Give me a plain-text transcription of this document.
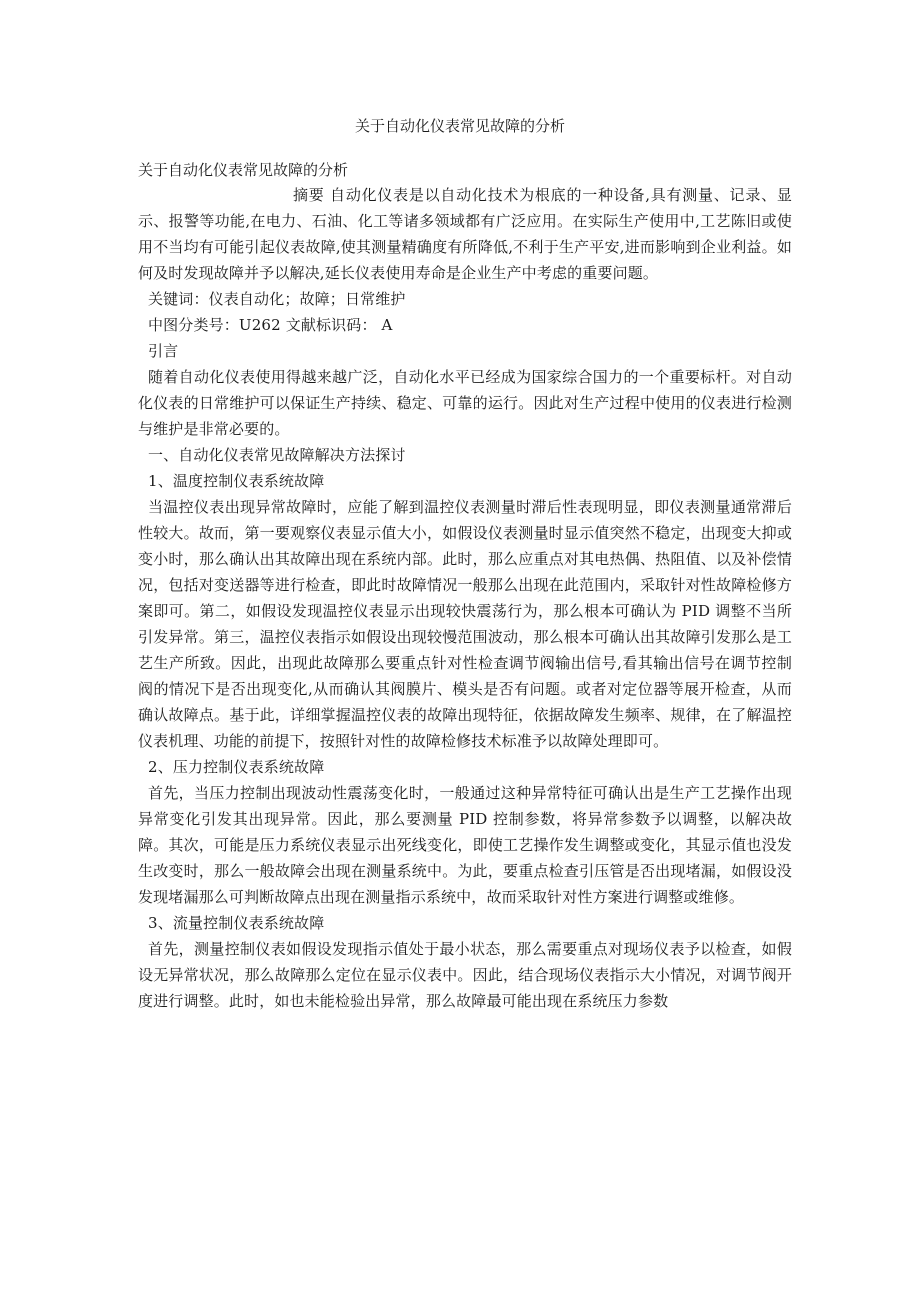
关于自动化仪表常见故障的分析
关于自动化仪表常见故障的分析

摘要 自动化仪表是以自动化技术为根底的一种设备,具有测量、记录、显示、报警等功能,在电力、石油、化工等诸多领域都有广泛应用。在实际生产使用中,工艺陈旧或使用不当均有可能引起仪表故障,使其测量精确度有所降低,不利于生产平安,进而影响到企业利益。如何及时发现故障并予以解决,延长仪表使用寿命是企业生产中考虑的重要问题。

关键词：仪表自动化；故障；日常维护

中图分类号：U262 文献标识码： A

引言

随着自动化仪表使用得越来越广泛，自动化水平已经成为国家综合国力的一个重要标杆。对自动化仪表的日常维护可以保证生产持续、稳定、可靠的运行。因此对生产过程中使用的仪表进行检测与维护是非常必要的。

一、自动化仪表常见故障解决方法探讨

1、温度控制仪表系统故障

当温控仪表出现异常故障时，应能了解到温控仪表测量时滞后性表现明显，即仪表测量通常滞后性较大。故而，第一要观察仪表显示值大小，如假设仪表测量时显示值突然不稳定，出现变大抑或变小时，那么确认出其故障出现在系统内部。此时，那么应重点对其电热偶、热阻值、以及补偿情况，包括对变送器等进行检查，即此时故障情况一般那么出现在此范围内，采取针对性故障检修方案即可。第二，如假设发现温控仪表显示出现较快震荡行为，那么根本可确认为 PID 调整不当所引发异常。第三，温控仪表指示如假设出现较慢范围波动，那么根本可确认出其故障引发那么是工艺生产所致。因此，出现此故障那么要重点针对性检查调节阀输出信号,看其输出信号在调节控制阀的情况下是否出现变化,从而确认其阀膜片、模头是否有问题。或者对定位器等展开检查，从而确认故障点。基于此，详细掌握温控仪表的故障出现特征，依据故障发生频率、规律，在了解温控仪表机理、功能的前提下，按照针对性的故障检修技术标准予以故障处理即可。

2、压力控制仪表系统故障

首先，当压力控制出现波动性震荡变化时，一般通过这种异常特征可确认出是生产工艺操作出现异常变化引发其出现异常。因此，那么要测量 PID 控制参数，将异常参数予以调整，以解决故障。其次，可能是压力系统仪表显示出死线变化，即使工艺操作发生调整或变化，其显示值也没发生改变时，那么一般故障会出现在测量系统中。为此，要重点检查引压管是否出现堵漏，如假设没发现堵漏那么可判断故障点出现在测量指示系统中，故而采取针对性方案进行调整或维修。

3、流量控制仪表系统故障

首先，测量控制仪表如假设发现指示值处于最小状态，那么需要重点对现场仪表予以检查，如假设无异常状况，那么故障那么定位在显示仪表中。因此，结合现场仪表指示大小情况，对调节阀开度进行调整。此时，如也未能检验出异常，那么故障最可能出现在系统压力参数
